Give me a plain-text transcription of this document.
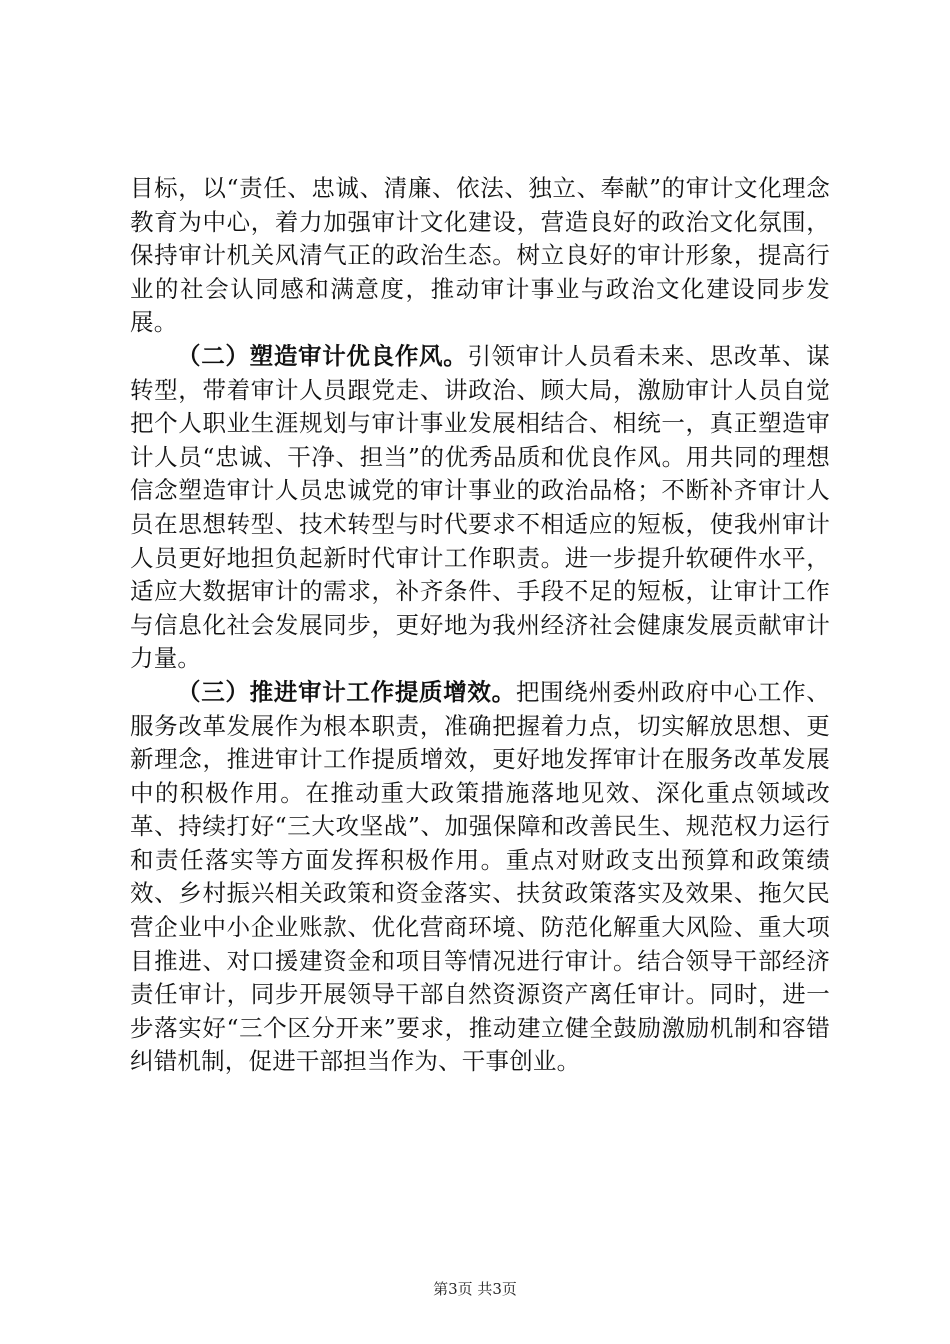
目标，以“责任、忠诚、清廉、依法、独立、奉献”的审计文化理念教育为中心，着力加强审计文化建设，营造良好的政治文化氛围，保持审计机关风清气正的政治生态。树立良好的审计形象，提高行业的社会认同感和满意度，推动审计事业与政治文化建设同步发展。

（二）塑造审计优良作风。引领审计人员看未来、思改革、谋转型，带着审计人员跟党走、讲政治、顾大局，激励审计人员自觉把个人职业生涯规划与审计事业发展相结合、相统一，真正塑造审计人员“忠诚、干净、担当”的优秀品质和优良作风。用共同的理想信念塑造审计人员忠诚党的审计事业的政治品格；不断补齐审计人员在思想转型、技术转型与时代要求不相适应的短板，使我州审计人员更好地担负起新时代审计工作职责。进一步提升软硬件水平，适应大数据审计的需求，补齐条件、手段不足的短板，让审计工作与信息化社会发展同步，更好地为我州经济社会健康发展贡献审计力量。

（三）推进审计工作提质增效。把围绕州委州政府中心工作、服务改革发展作为根本职责，准确把握着力点，切实解放思想、更新理念，推进审计工作提质增效，更好地发挥审计在服务改革发展中的积极作用。在推动重大政策措施落地见效、深化重点领域改革、持续打好“三大攻坚战”、加强保障和改善民生、规范权力运行和责任落实等方面发挥积极作用。重点对财政支出预算和政策绩效、乡村振兴相关政策和资金落实、扶贫政策落实及效果、拖欠民营企业中小企业账款、优化营商环境、防范化解重大风险、重大项目推进、对口援建资金和项目等情况进行审计。结合领导干部经济责任审计，同步开展领导干部自然资源资产离任审计。同时，进一步落实好“三个区分开来”要求，推动建立健全鼓励激励机制和容错纠错机制，促进干部担当作为、干事创业。

第3页 共3页
